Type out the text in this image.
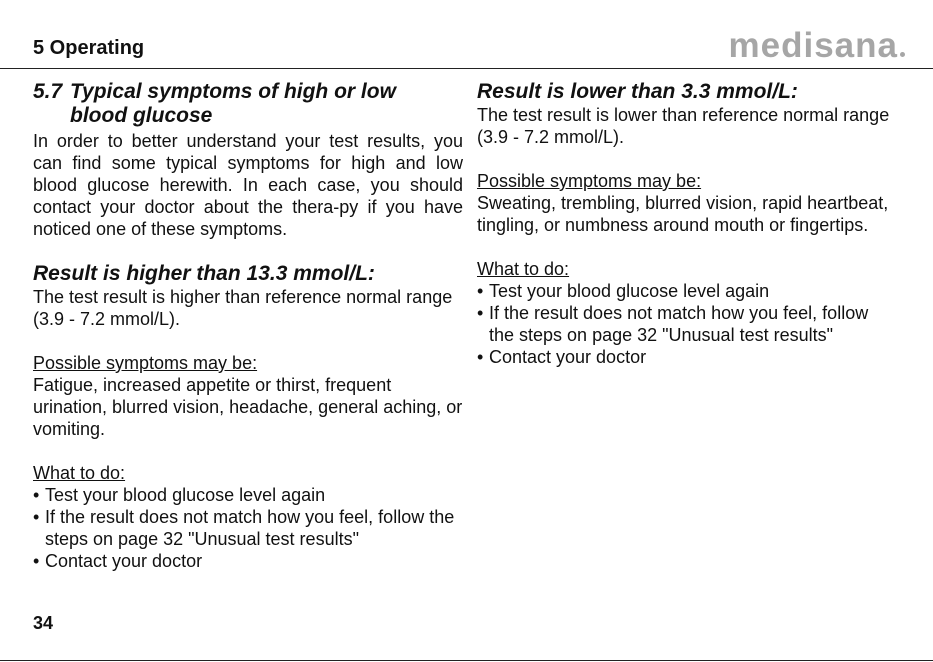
5 Operating	medisana
5.7 Typical symptoms of high or low
blood glucose

In order to better understand your test results, you can find some typical symptoms for high and low blood glucose herewith. In each case, you should contact your doctor about the thera-py if you have noticed one of these symptoms.

Result is higher than 13.3 mmol/L:

The test result is higher than reference normal range (3.9 - 7.2 mmol/L).

Possible symptoms may be:

Fatigue, increased appetite or thirst, frequent urination, blurred vision, headache, general aching, or vomiting.

What to do:

• Test your blood glucose level again
• If the result does not match how you feel, follow the steps on page 32 "Unusual test results"
• Contact your doctor
Result is lower than 3.3 mmol/L:

The test result is lower than reference normal range (3.9 - 7.2 mmol/L).

Possible symptoms may be:

Sweating, trembling, blurred vision, rapid heartbeat, tingling, or numbness around mouth or fingertips.

What to do:

• Test your blood glucose level again
• If the result does not match how you feel, follow the steps on page 32 "Unusual test results"
• Contact your doctor
34
